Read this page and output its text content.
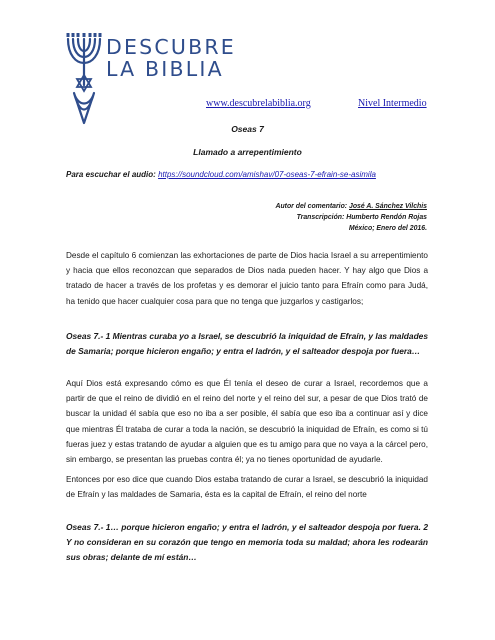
DESCUBRE
LA BIBLIA
www.descubrelabiblia.org	Nivel Intermedio
Oseas 7
Llamado a arrepentimiento
Para escuchar el audio: https://soundcloud.com/amishav/07-oseas-7-efrain-se-asimila
Autor del comentario: José A. Sánchez Vilchis
Transcripción: Humberto Rendón Rojas
México; Enero del 2016.

Desde el capítulo 6 comienzan las exhortaciones de parte de Dios hacia Israel a su arrepentimiento y hacia que ellos reconozcan que separados de Dios nada pueden hacer. Y hay algo que Dios a tratado de hacer a través de los profetas y es demorar el juicio tanto para Efraín como para Judá, ha tenido que hacer cualquier cosa para que no tenga que juzgarlos y castigarlos;

Oseas 7.- 1 Mientras curaba yo a Israel, se descubrió la iniquidad de Efraín, y las maldades de Samaria; porque hicieron engaño; y entra el ladrón, y el salteador despoja por fuera…

Aquí Dios está expresando cómo es que Él tenía el deseo de curar a Israel, recordemos que a partir de que el reino de dividió en el reino del norte y el reino del sur, a pesar de que Dios trató de buscar la unidad él sabía que eso no iba a ser posible, él sabía que eso iba a continuar así y dice que mientras Él trataba de curar a toda la nación, se descubrió la iniquidad de Efraín, es como si tú fueras juez y estas tratando de ayudar a alguien que es tu amigo para que no vaya a la cárcel pero, sin embargo, se presentan las pruebas contra él; ya no tienes oportunidad de ayudarle.

Entonces por eso dice que cuando Dios estaba tratando de curar a Israel, se descubrió la iniquidad de Efraín y las maldades de Samaria, ésta es la capital de Efraín, el reino del norte

Oseas 7.- 1… porque hicieron engaño; y entra el ladrón, y el salteador despoja por fuera. 2 Y no consideran en su corazón que tengo en memoria toda su maldad; ahora les rodearán sus obras; delante de mí están…
